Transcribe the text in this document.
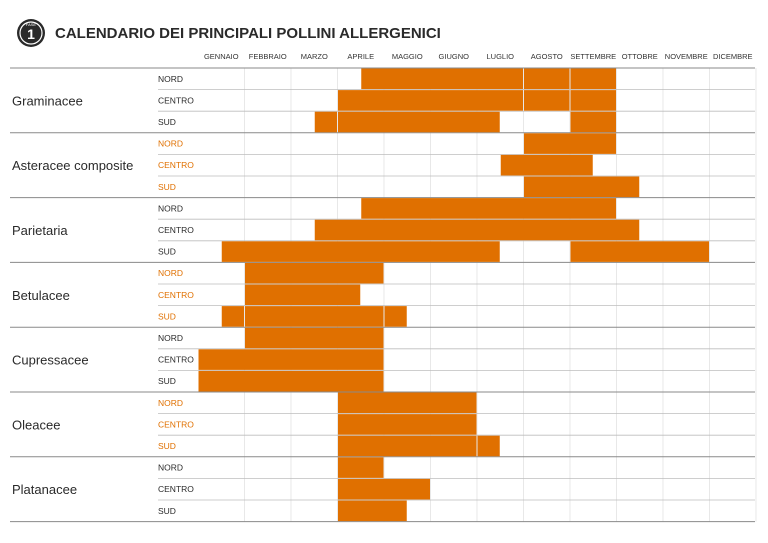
FASE
1 CALENDARIO DEI PRINCIPALI POLLINI ALLERGENICI
GENNAIO FEBBRAIO MARZO	APRILE MAGGIO GIUGNO LUGLIO AGOSTO SETTEMBRE OTTOBRE NOVEMBRE DICEMBRE
Graminacee
NORD
CENTRO
SUD
Asteracee composite
NORD
CENTRO
SUD
Parietaria
NORD
CENTRO
SUD
Betulacee
NORD
CENTRO
SUD
Cupressacee
NORD
CENTRO
SUD
Oleacee
NORD
CENTRO
SUD
Platanacee
NORD
CENTRO
SUD
